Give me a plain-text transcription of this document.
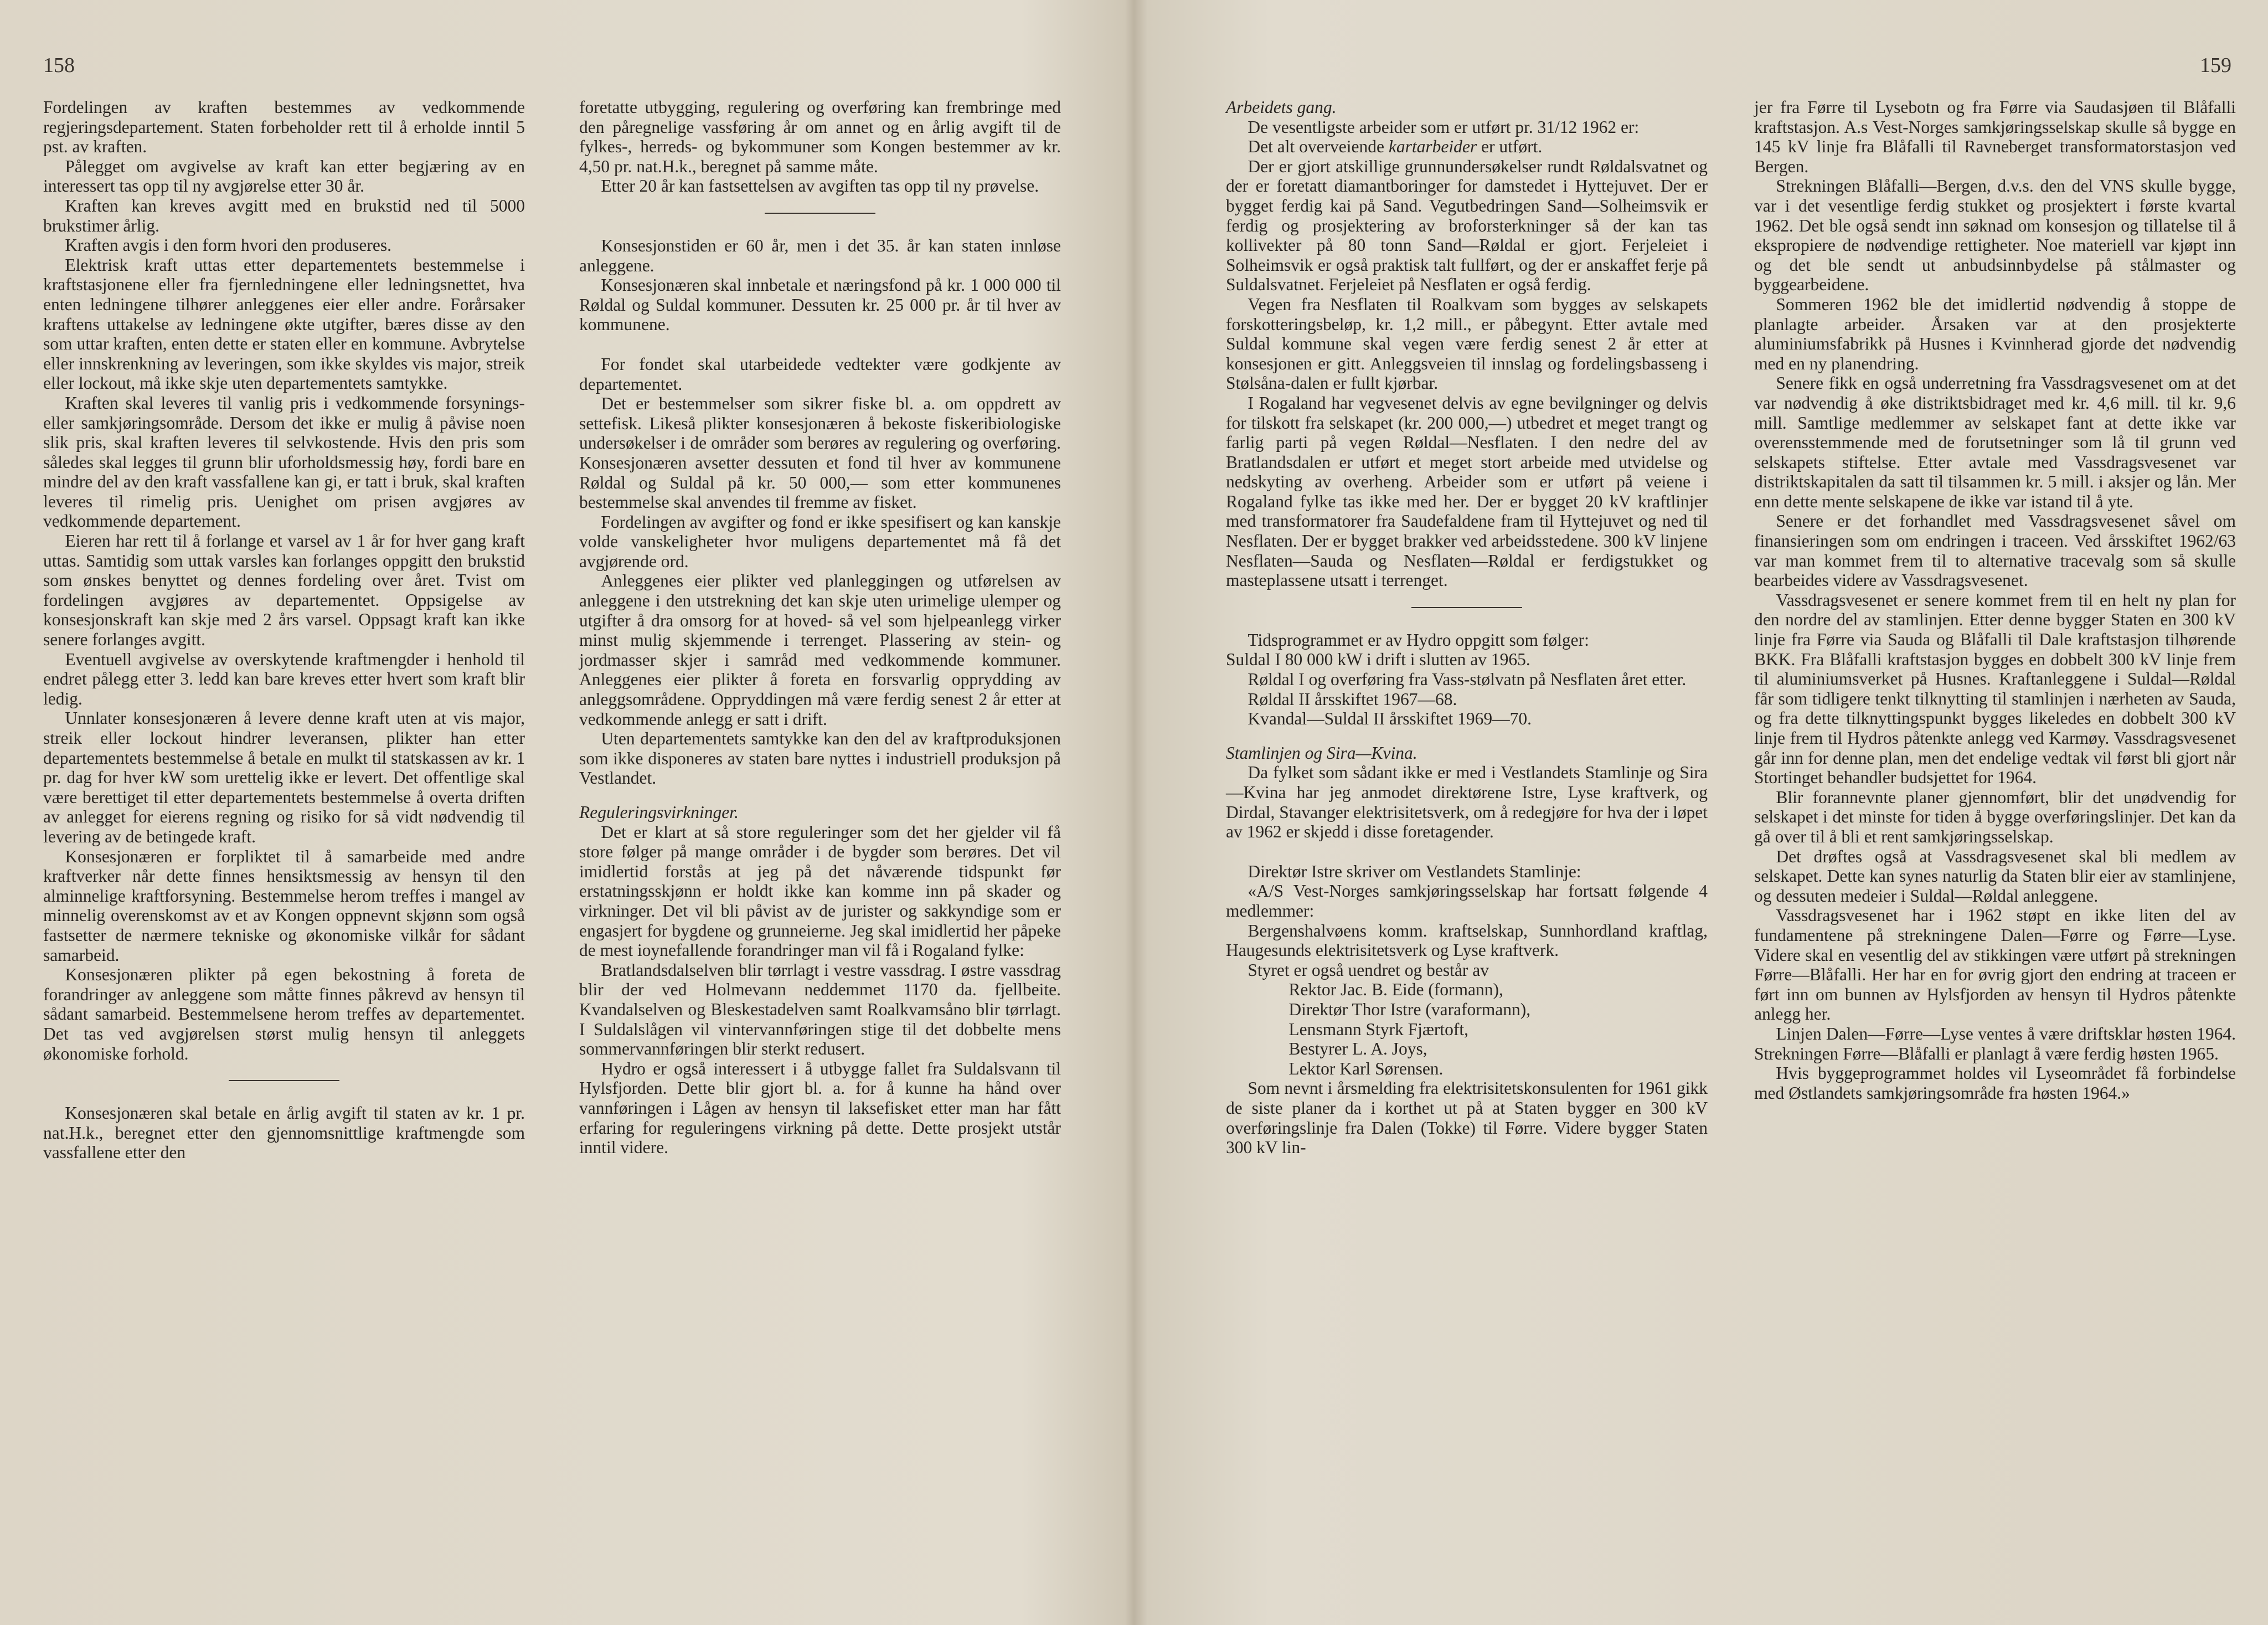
158

Fordelingen av kraften bestemmes av vedkommende regjeringsdepartement. Staten forbeholder rett til å erholde inntil 5 pst. av kraften.

Pålegget om avgivelse av kraft kan etter begjæring av en interessert tas opp til ny avgjørelse etter 30 år.

Kraften kan kreves avgitt med en brukstid ned til 5000 brukstimer årlig.

Kraften avgis i den form hvori den produseres.

Elektrisk kraft uttas etter departementets bestemmelse i kraftstasjonene eller fra fjernledningene eller ledningsnettet, hva enten ledningene tilhører anleggenes eier eller andre. Forårsaker kraftens uttakelse av ledningene økte utgifter, bæres disse av den som uttar kraften, enten dette er staten eller en kommune. Avbrytelse eller innskrenkning av leveringen, som ikke skyldes vis major, streik eller lockout, må ikke skje uten departementets samtykke.

Kraften skal leveres til vanlig pris i vedkommende forsynings- eller samkjøringsområde. Dersom det ikke er mulig å påvise noen slik pris, skal kraften leveres til selvkostende. Hvis den pris som således skal legges til grunn blir uforholdsmessig høy, fordi bare en mindre del av den kraft vassfallene kan gi, er tatt i bruk, skal kraften leveres til rimelig pris. Uenighet om prisen avgjøres av vedkommende departement.

Eieren har rett til å forlange et varsel av 1 år for hver gang kraft uttas. Samtidig som uttak varsles kan forlanges oppgitt den brukstid som ønskes benyttet og dennes fordeling over året. Tvist om fordelingen avgjøres av departementet. Oppsigelse av konsesjonskraft kan skje med 2 års varsel. Oppsagt kraft kan ikke senere forlanges avgitt.

Eventuell avgivelse av overskytende kraftmengder i henhold til endret pålegg etter 3. ledd kan bare kreves etter hvert som kraft blir ledig.

Unnlater konsesjonæren å levere denne kraft uten at vis major, streik eller lockout hindrer leveransen, plikter han etter departementets bestemmelse å betale en mulkt til statskassen av kr. 1 pr. dag for hver kW som urettelig ikke er levert. Det offentlige skal være berettiget til etter departementets bestemmelse å overta driften av anlegget for eierens regning og risiko for så vidt nødvendig til levering av de betingede kraft.

Konsesjonæren er forpliktet til å samarbeide med andre kraftverker når dette finnes hensiktsmessig av hensyn til den alminnelige kraftforsyning. Bestemmelse herom treffes i mangel av minnelig overenskomst av et av Kongen oppnevnt skjønn som også fastsetter de nærmere tekniske og økonomiske vilkår for sådant samarbeid.

Konsesjonæren plikter på egen bekostning å foreta de forandringer av anleggene som måtte finnes påkrevd av hensyn til sådant samarbeid. Bestemmelsene herom treffes av departementet. Det tas ved avgjørelsen størst mulig hensyn til anleggets økonomiske forhold.

Konsesjonæren skal betale en årlig avgift til staten av kr. 1 pr. nat.H.k., beregnet etter den gjennomsnittlige kraftmengde som vassfallene etter den

foretatte utbygging, regulering og overføring kan frembringe med den påregnelige vassføring år om annet og en årlig avgift til de fylkes-, herreds- og bykommuner som Kongen bestemmer av kr. 4,50 pr. nat.H.k., beregnet på samme måte.

Etter 20 år kan fastsettelsen av avgiften tas opp til ny prøvelse.

Konsesjonstiden er 60 år, men i det 35. år kan staten innløse anleggene.

Konsesjonæren skal innbetale et næringsfond på kr. 1 000 000 til Røldal og Suldal kommuner. Dessuten kr. 25 000 pr. år til hver av kommunene.

For fondet skal utarbeidede vedtekter være godkjente av departementet.

Det er bestemmelser som sikrer fiske bl. a. om oppdrett av settefisk. Likeså plikter konsesjonæren å bekoste fiskeribiologiske undersøkelser i de områder som berøres av regulering og overføring. Konsesjonæren avsetter dessuten et fond til hver av kommunene Røldal og Suldal på kr. 50 000,— som etter kommunenes bestemmelse skal anvendes til fremme av fisket.

Fordelingen av avgifter og fond er ikke spesifisert og kan kanskje volde vanskeligheter hvor muligens departementet må få det avgjørende ord.

Anleggenes eier plikter ved planleggingen og utførelsen av anleggene i den utstrekning det kan skje uten urimelige ulemper og utgifter å dra omsorg for at hoved- så vel som hjelpeanlegg virker minst mulig skjemmende i terrenget. Plassering av stein- og jordmasser skjer i samråd med vedkommende kommuner. Anleggenes eier plikter å foreta en forsvarlig opprydding av anleggsområdene. Oppryddingen må være ferdig senest 2 år etter at vedkommende anlegg er satt i drift.

Uten departementets samtykke kan den del av kraftproduksjonen som ikke disponeres av staten bare nyttes i industriell produksjon på Vestlandet.

Reguleringsvirkninger.

Det er klart at så store reguleringer som det her gjelder vil få store følger på mange områder i de bygder som berøres. Det vil imidlertid forstås at jeg på det nåværende tidspunkt før erstatningsskjønn er holdt ikke kan komme inn på skader og virkninger. Det vil bli påvist av de jurister og sakkyndige som er engasjert for bygdene og grunneierne. Jeg skal imidlertid her påpeke de mest ioynefallende forandringer man vil få i Rogaland fylke:

Bratlandsdalselven blir tørrlagt i vestre vassdrag. I østre vassdrag blir der ved Holmevann neddemmet 1170 da. fjellbeite. Kvandalselven og Bleskestadelven samt Roalkvamsåno blir tørrlagt. I Suldalslågen vil vintervannføringen stige til det dobbelte mens sommervannføringen blir sterkt redusert.

Hydro er også interessert i å utbygge fallet fra Suldalsvann til Hylsfjorden. Dette blir gjort bl. a. for å kunne ha hånd over vannføringen i Lågen av hensyn til laksefisket etter man har fått erfaring for reguleringens virkning på dette. Dette prosjekt utstår inntil videre.

159

Arbeidets gang.

De vesentligste arbeider som er utført pr. 31/12 1962 er:

Det alt overveiende kartarbeider er utført.

Der er gjort atskillige grunnundersøkelser rundt Røldalsvatnet og der er foretatt diamantboringer for damstedet i Hyttejuvet. Der er bygget ferdig kai på Sand. Vegutbedringen Sand—Solheimsvik er ferdig og prosjektering av broforsterkninger så der kan tas kollivekter på 80 tonn Sand—Røldal er gjort. Ferjeleiet i Solheimsvik er også praktisk talt fullført, og der er anskaffet ferje på Suldalsvatnet. Ferjeleiet på Nesflaten er også ferdig.

Vegen fra Nesflaten til Roalkvam som bygges av selskapets forskotteringsbeløp, kr. 1,2 mill., er påbegynt. Etter avtale med Suldal kommune skal vegen være ferdig senest 2 år etter at konsesjonen er gitt. Anleggsveien til innslag og fordelingsbasseng i Stølsåna-dalen er fullt kjørbar.

I Rogaland har vegvesenet delvis av egne bevilgninger og delvis for tilskott fra selskapet (kr. 200 000,—) utbedret et meget trangt og farlig parti på vegen Røldal—Nesflaten. I den nedre del av Bratlandsdalen er utført et meget stort arbeide med utvidelse og nedskyting av overheng. Arbeider som er utført på veiene i Rogaland fylke tas ikke med her. Der er bygget 20 kV kraftlinjer med transformatorer fra Saudefaldene fram til Hyttejuvet og ned til Nesflaten. Der er bygget brakker ved arbeidsstedene. 300 kV linjene Nesflaten—Sauda og Nesflaten—Røldal er ferdigstukket og masteplassene utsatt i terrenget.

Tidsprogrammet er av Hydro oppgitt som følger:

Suldal I 80 000 kW i drift i slutten av 1965.

Røldal I og overføring fra Vass-stølvatn på Nesflaten året etter.

Røldal II årsskiftet 1967—68.

Kvandal—Suldal II årsskiftet 1969—70.

Stamlinjen og Sira—Kvina.

Da fylket som sådant ikke er med i Vestlandets Stamlinje og Sira—Kvina har jeg anmodet direktørene Istre, Lyse kraftverk, og Dirdal, Stavanger elektrisitetsverk, om å redegjøre for hva der i løpet av 1962 er skjedd i disse foretagender.

Direktør Istre skriver om Vestlandets Stamlinje:

«A/S Vest-Norges samkjøringsselskap har fortsatt følgende 4 medlemmer:

Bergenshalvøens komm. kraftselskap, Sunnhordland kraftlag, Haugesunds elektrisitetsverk og Lyse kraftverk.

Styret er også uendret og består av

Rektor Jac. B. Eide (formann),

Direktør Thor Istre (varaformann),

Lensmann Styrk Fjærtoft,

Bestyrer L. A. Joys,

Lektor Karl Sørensen.

Som nevnt i årsmelding fra elektrisitetskonsulenten for 1961 gikk de siste planer da i korthet ut på at Staten bygger en 300 kV overføringslinje fra Dalen (Tokke) til Førre. Videre bygger Staten 300 kV lin-

jer fra Førre til Lysebotn og fra Førre via Saudasjøen til Blåfalli kraftstasjon. A.s Vest-Norges samkjøringsselskap skulle så bygge en 145 kV linje fra Blåfalli til Ravneberget transformatorstasjon ved Bergen.

Strekningen Blåfalli—Bergen, d.v.s. den del VNS skulle bygge, var i det vesentlige ferdig stukket og prosjektert i første kvartal 1962. Det ble også sendt inn søknad om konsesjon og tillatelse til å ekspropiere de nødvendige rettigheter. Noe materiell var kjøpt inn og det ble sendt ut anbudsinnbydelse på stålmaster og byggearbeidene.

Sommeren 1962 ble det imidlertid nødvendig å stoppe de planlagte arbeider. Årsaken var at den prosjekterte aluminiumsfabrikk på Husnes i Kvinnherad gjorde det nødvendig med en ny planendring.

Senere fikk en også underretning fra Vassdragsvesenet om at det var nødvendig å øke distriktsbidraget med kr. 4,6 mill. til kr. 9,6 mill. Samtlige medlemmer av selskapet fant at dette ikke var overensstemmende med de forutsetninger som lå til grunn ved selskapets stiftelse. Etter avtale med Vassdragsvesenet var distriktskapitalen da satt til tilsammen kr. 5 mill. i aksjer og lån. Mer enn dette mente selskapene de ikke var istand til å yte.

Senere er det forhandlet med Vassdragsvesenet såvel om finansieringen som om endringen i traceen. Ved årsskiftet 1962/63 var man kommet frem til to alternative tracevalg som så skulle bearbeides videre av Vassdragsvesenet.

Vassdragsvesenet er senere kommet frem til en helt ny plan for den nordre del av stamlinjen. Etter denne bygger Staten en 300 kV linje fra Førre via Sauda og Blåfalli til Dale kraftstasjon tilhørende BKK. Fra Blåfalli kraftstasjon bygges en dobbelt 300 kV linje frem til aluminiumsverket på Husnes. Kraftanleggene i Suldal—Røldal får som tidligere tenkt tilknytting til stamlinjen i nærheten av Sauda, og fra dette tilknyttingspunkt bygges likeledes en dobbelt 300 kV linje frem til Hydros påtenkte anlegg ved Karmøy. Vassdragsvesenet går inn for denne plan, men det endelige vedtak vil først bli gjort når Stortinget behandler budsjettet for 1964.

Blir forannevnte planer gjennomført, blir det unødvendig for selskapet i det minste for tiden å bygge overføringslinjer. Det kan da gå over til å bli et rent samkjøringsselskap.

Det drøftes også at Vassdragsvesenet skal bli medlem av selskapet. Dette kan synes naturlig da Staten blir eier av stamlinjene, og dessuten medeier i Suldal—Røldal anleggene.

Vassdragsvesenet har i 1962 støpt en ikke liten del av fundamentene på strekningene Dalen—Førre og Førre—Lyse. Videre skal en vesentlig del av stikkingen være utført på strekningen Førre—Blåfalli. Her har en for øvrig gjort den endring at traceen er ført inn om bunnen av Hylsfjorden av hensyn til Hydros påtenkte anlegg her.

Linjen Dalen—Førre—Lyse ventes å være driftsklar høsten 1964. Strekningen Førre—Blåfalli er planlagt å være ferdig høsten 1965.

Hvis byggeprogrammet holdes vil Lyseområdet få forbindelse med Østlandets samkjøringsområde fra høsten 1964.»
